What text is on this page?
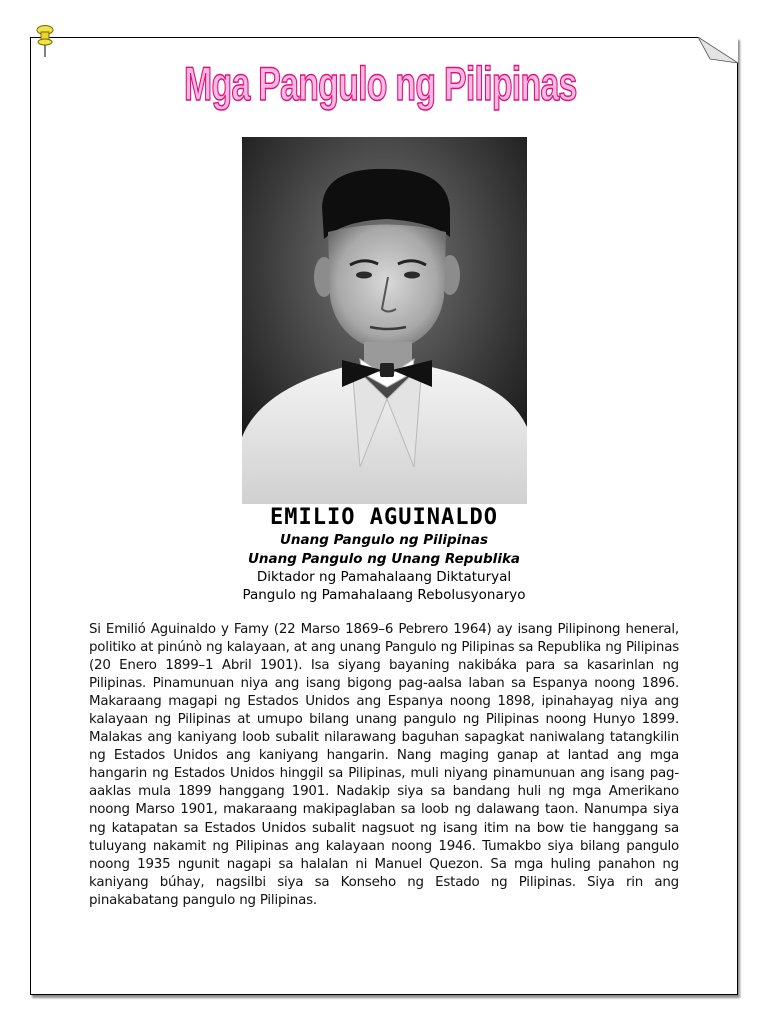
Mga Pangulo ng Pilipinas
EMILIO AGUINALDO

Unang Pangulo ng Pilipinas

Unang Pangulo ng Unang Republika

Diktador ng Pamahalaang Diktaturyal

Pangulo ng Pamahalaang Rebolusyonaryo

Si Emilió Aguinaldo y Famy (22 Marso 1869–6 Pebrero 1964) ay isang Pilipinong heneral, politiko at pinúnò ng kalayaan, at ang unang Pangulo ng Pilipinas sa Republika ng Pilipinas (20 Enero 1899–1 Abril 1901). Isa siyang bayaning nakibáka para sa kasarinlan ng Pilipinas. Pinamunuan niya ang isang bigong pag-aalsa laban sa Espanya noong 1896. Makaraang magapi ng Estados Unidos ang Espanya noong 1898, ipinahayag niya ang kalayaan ng Pilipinas at umupo bilang unang pangulo ng Pilipinas noong Hunyo 1899. Malakas ang kaniyang loob subalit nilarawang baguhan sapagkat naniwalang tatangkilin ng Estados Unidos ang kaniyang hangarin. Nang maging ganap at lantad ang mga hangarin ng Estados Unidos hinggil sa Pilipinas, muli niyang pinamunuan ang isang pag-aaklas mula 1899 hanggang 1901. Nadakip siya sa bandang huli ng mga Amerikano noong Marso 1901, makaraang makipaglaban sa loob ng dalawang taon. Nanumpa siya ng katapatan sa Estados Unidos subalit nagsuot ng isang itim na bow tie hanggang sa tuluyang nakamit ng Pilipinas ang kalayaan noong 1946. Tumakbo siya bilang pangulo noong 1935 ngunit nagapi sa halalan ni Manuel Quezon. Sa mga huling panahon ng kaniyang búhay, nagsilbi siya sa Konseho ng Estado ng Pilipinas. Siya rin ang pinakabatang pangulo ng Pilipinas.
